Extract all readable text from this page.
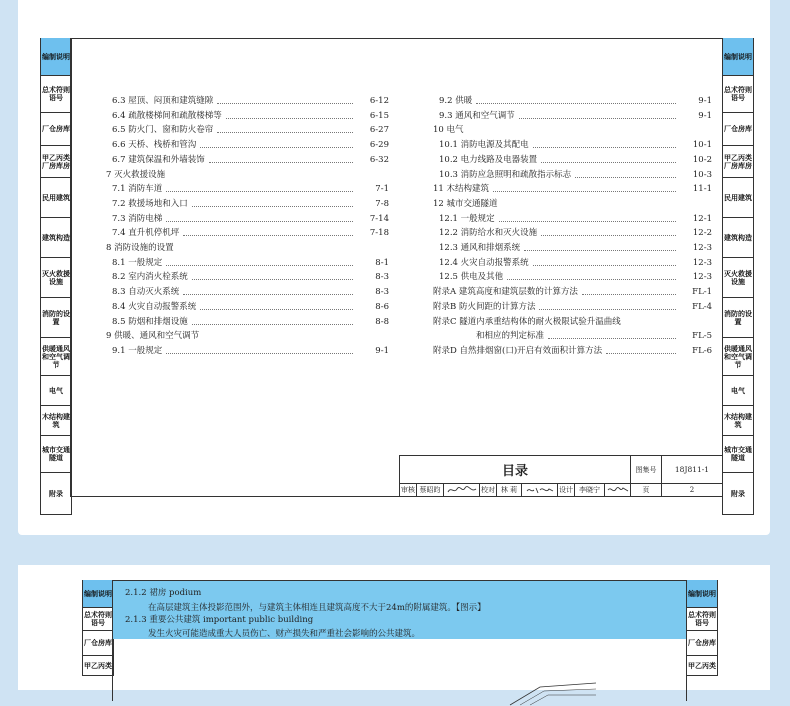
编制说明
总术符则语号
厂仓房库
甲乙丙类厂房库房
民用建筑
建筑构造
灭火救援设施
消防的设置
供暖通风和空气调节
电气
木结构建筑
城市交通隧道
附录
编制说明
总术符则语号
厂仓房库
甲乙丙类厂房库房
民用建筑
建筑构造
灭火救援设施
消防的设置
供暖通风和空气调节
电气
木结构建筑
城市交通隧道
附录
6.3 屋顶、闷顶和建筑缝隙	6-12
6.4 疏散楼梯间和疏散楼梯等	6-15
6.5 防火门、窗和防火卷帘	6-27
6.6 天桥、栈桥和管沟	6-29
6.7 建筑保温和外墙装饰	6-32
7 灭火救援设施
7.1 消防车道	7-1
7.2 救援场地和入口	7-8
7.3 消防电梯	7-14
7.4 直升机停机坪	7-18
8 消防设施的设置
8.1 一般规定	8-1
8.2 室内消火栓系统	8-3
8.3 自动灭火系统	8-3
8.4 火灾自动报警系统	8-6
8.5 防烟和排烟设施	8-8
9 供暖、通风和空气调节
9.1 一般规定	9-1
9.2 供暖	9-1
9.3 通风和空气调节	9-1
10 电气
10.1 消防电源及其配电	10-1
10.2 电力线路及电器装置	10-2
10.3 消防应急照明和疏散指示标志	10-3
11 木结构建筑	11-1
12 城市交通隧道
12.1 一般规定	12-1
12.2 消防给水和灭火设施	12-2
12.3 通风和排烟系统	12-3
12.4 火灾自动报警系统	12-3
12.5 供电及其他	12-3
附录A 建筑高度和建筑层数的计算方法	FL-1
附录B 防火间距的计算方法	FL-4
附录C 隧道内承重结构体的耐火极限试验升温曲线
和相应的判定标准	FL-5
附录D 自然排烟窗(口)开启有效面积计算方法	FL-6
目录	图集号	18J811-1
审核 蔡昭昀	校对 林 莉	设计 李晓宁	页	2
编制说明
总术符则语号
厂仓房库
甲乙丙类
编制说明
总术符则语号
厂仓房库
甲乙丙类
2.1.2 裙房 podium
在高层建筑主体投影范围外，与建筑主体相连且建筑高度不大于24m的附属建筑。【图示】
2.1.3 重要公共建筑 important public building
发生火灾可能造成重大人员伤亡、财产损失和严重社会影响的公共建筑。
